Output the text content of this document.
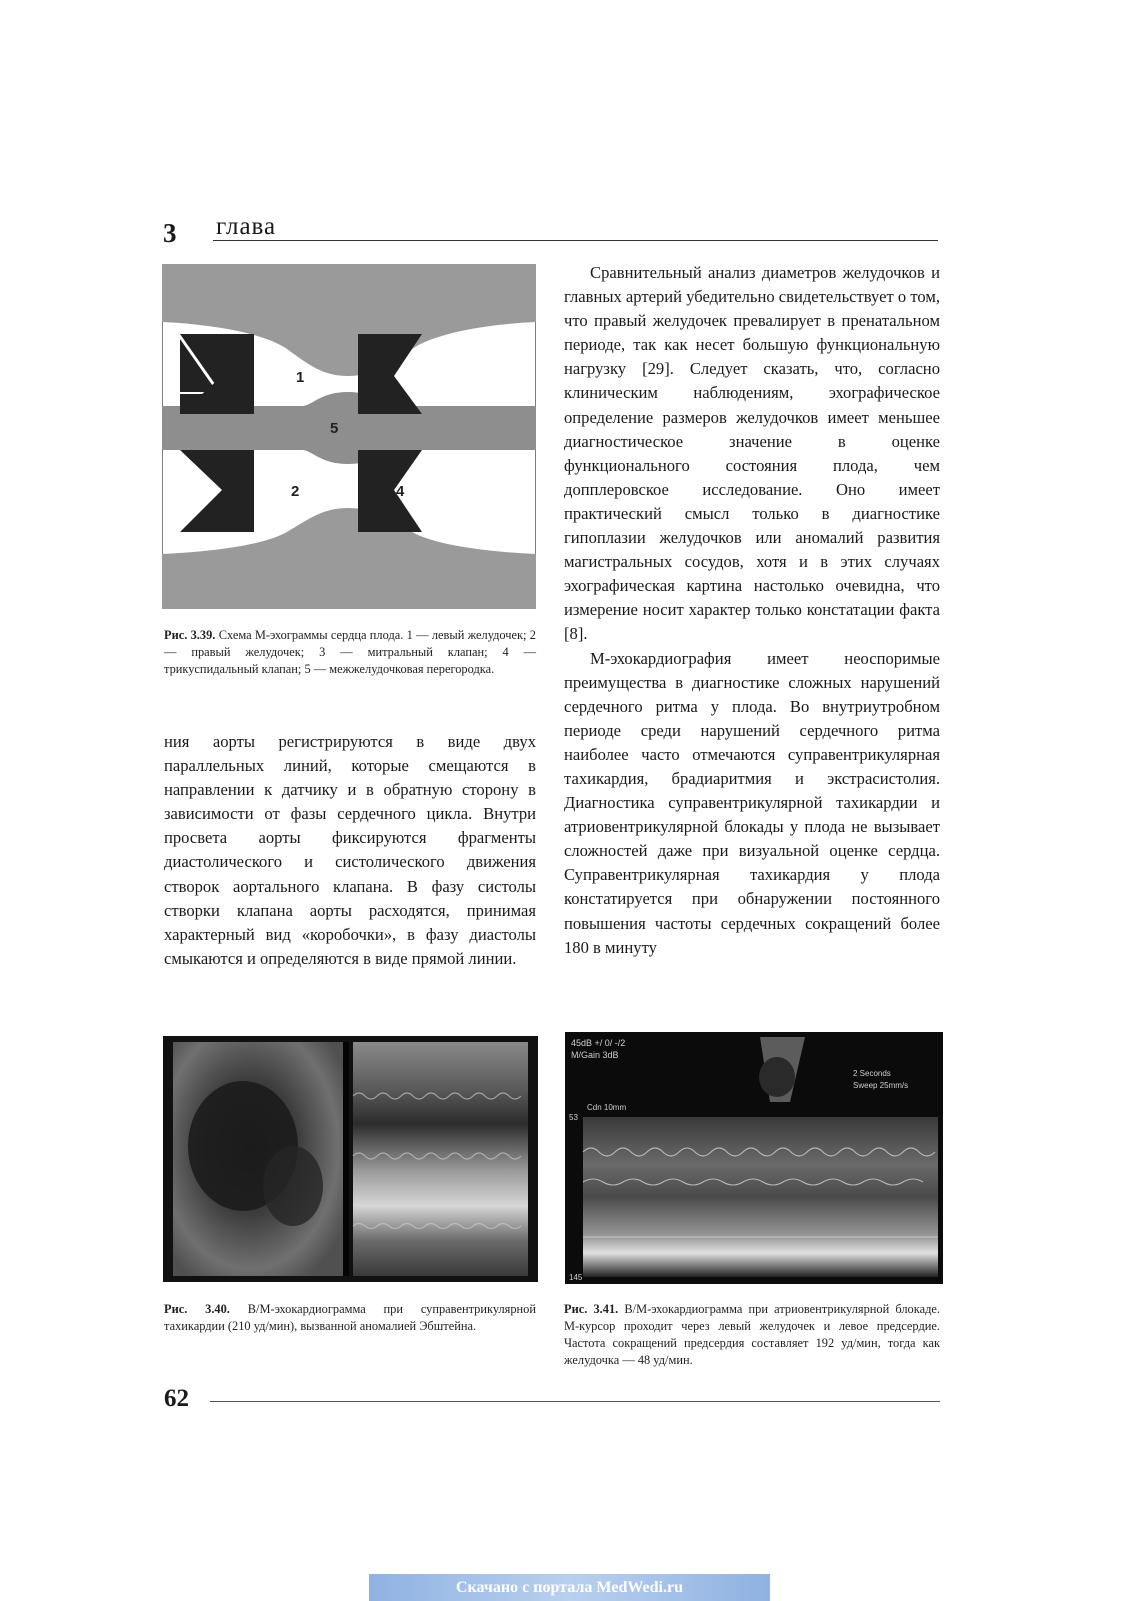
3 глава
1
2
3
4
5
Рис. 3.39. Схема М-эхограммы сердца плода. 1 — левый желудочек; 2 — правый желудочек; 3 — митральный клапан; 4 — трикуспидальный клапан; 5 — межжелудочковая перегородка.

Сравнительный анализ диаметров желудочков и главных артерий убедительно свидетельствует о том, что правый желудочек превалирует в пренатальном периоде, так как несет большую функциональную нагрузку [29]. Следует сказать, что, согласно клиническим наблюдениям, эхографическое определение размеров желудочков имеет меньшее диагностическое значение в оценке функционального состояния плода, чем допплеровское исследование. Оно имеет практический смысл только в диагностике гипоплазии желудочков или аномалий развития магистральных сосудов, хотя и в этих случаях эхографическая картина настолько очевидна, что измерение носит характер только констатации факта [8].

М-эхокардиография имеет неоспоримые преимущества в диагностике сложных нарушений сердечного ритма у плода. Во внутриутробном периоде среди нарушений сердечного ритма наиболее часто отмечаются суправентрикулярная тахикардия, брадиаритмия и экстрасистолия. Диагностика суправентрикулярной тахикардии и атриовентрикулярной блокады у плода не вызывает сложностей даже при визуальной оценке сердца. Суправентрикулярная тахикардия у плода констатируется при обнаружении постоянного повышения частоты сердечных сокращений более 180 в минуту

ния аорты регистрируются в виде двух параллельных линий, которые смещаются в направлении к датчику и в обратную сторону в зависимости от фазы сердечного цикла. Внутри просвета аорты фиксируются фрагменты диастолического и систолического движения створок аортального клапана. В фазу систолы створки клапана аорты расходятся, принимая характерный вид «коробочки», в фазу диастолы смыкаются и определяются в виде прямой линии.

45dB +/ 0/ -/2
M/Gain 3dB
2 Seconds
Sweep 25mm/s
Cdn 10mm
53
145
Рис. 3.40. В/М-эхокардиограмма при суправентрикулярной тахикардии (210 уд/мин), вызванной аномалией Эбштейна.
Рис. 3.41. В/М-эхокардиограмма при атриовентрикулярной блокаде. М-курсор проходит через левый желудочек и левое предсердие. Частота сокращений предсердия составляет 192 уд/мин, тогда как желудочка — 48 уд/мин.
62
Скачано с портала MedWedi.ru
